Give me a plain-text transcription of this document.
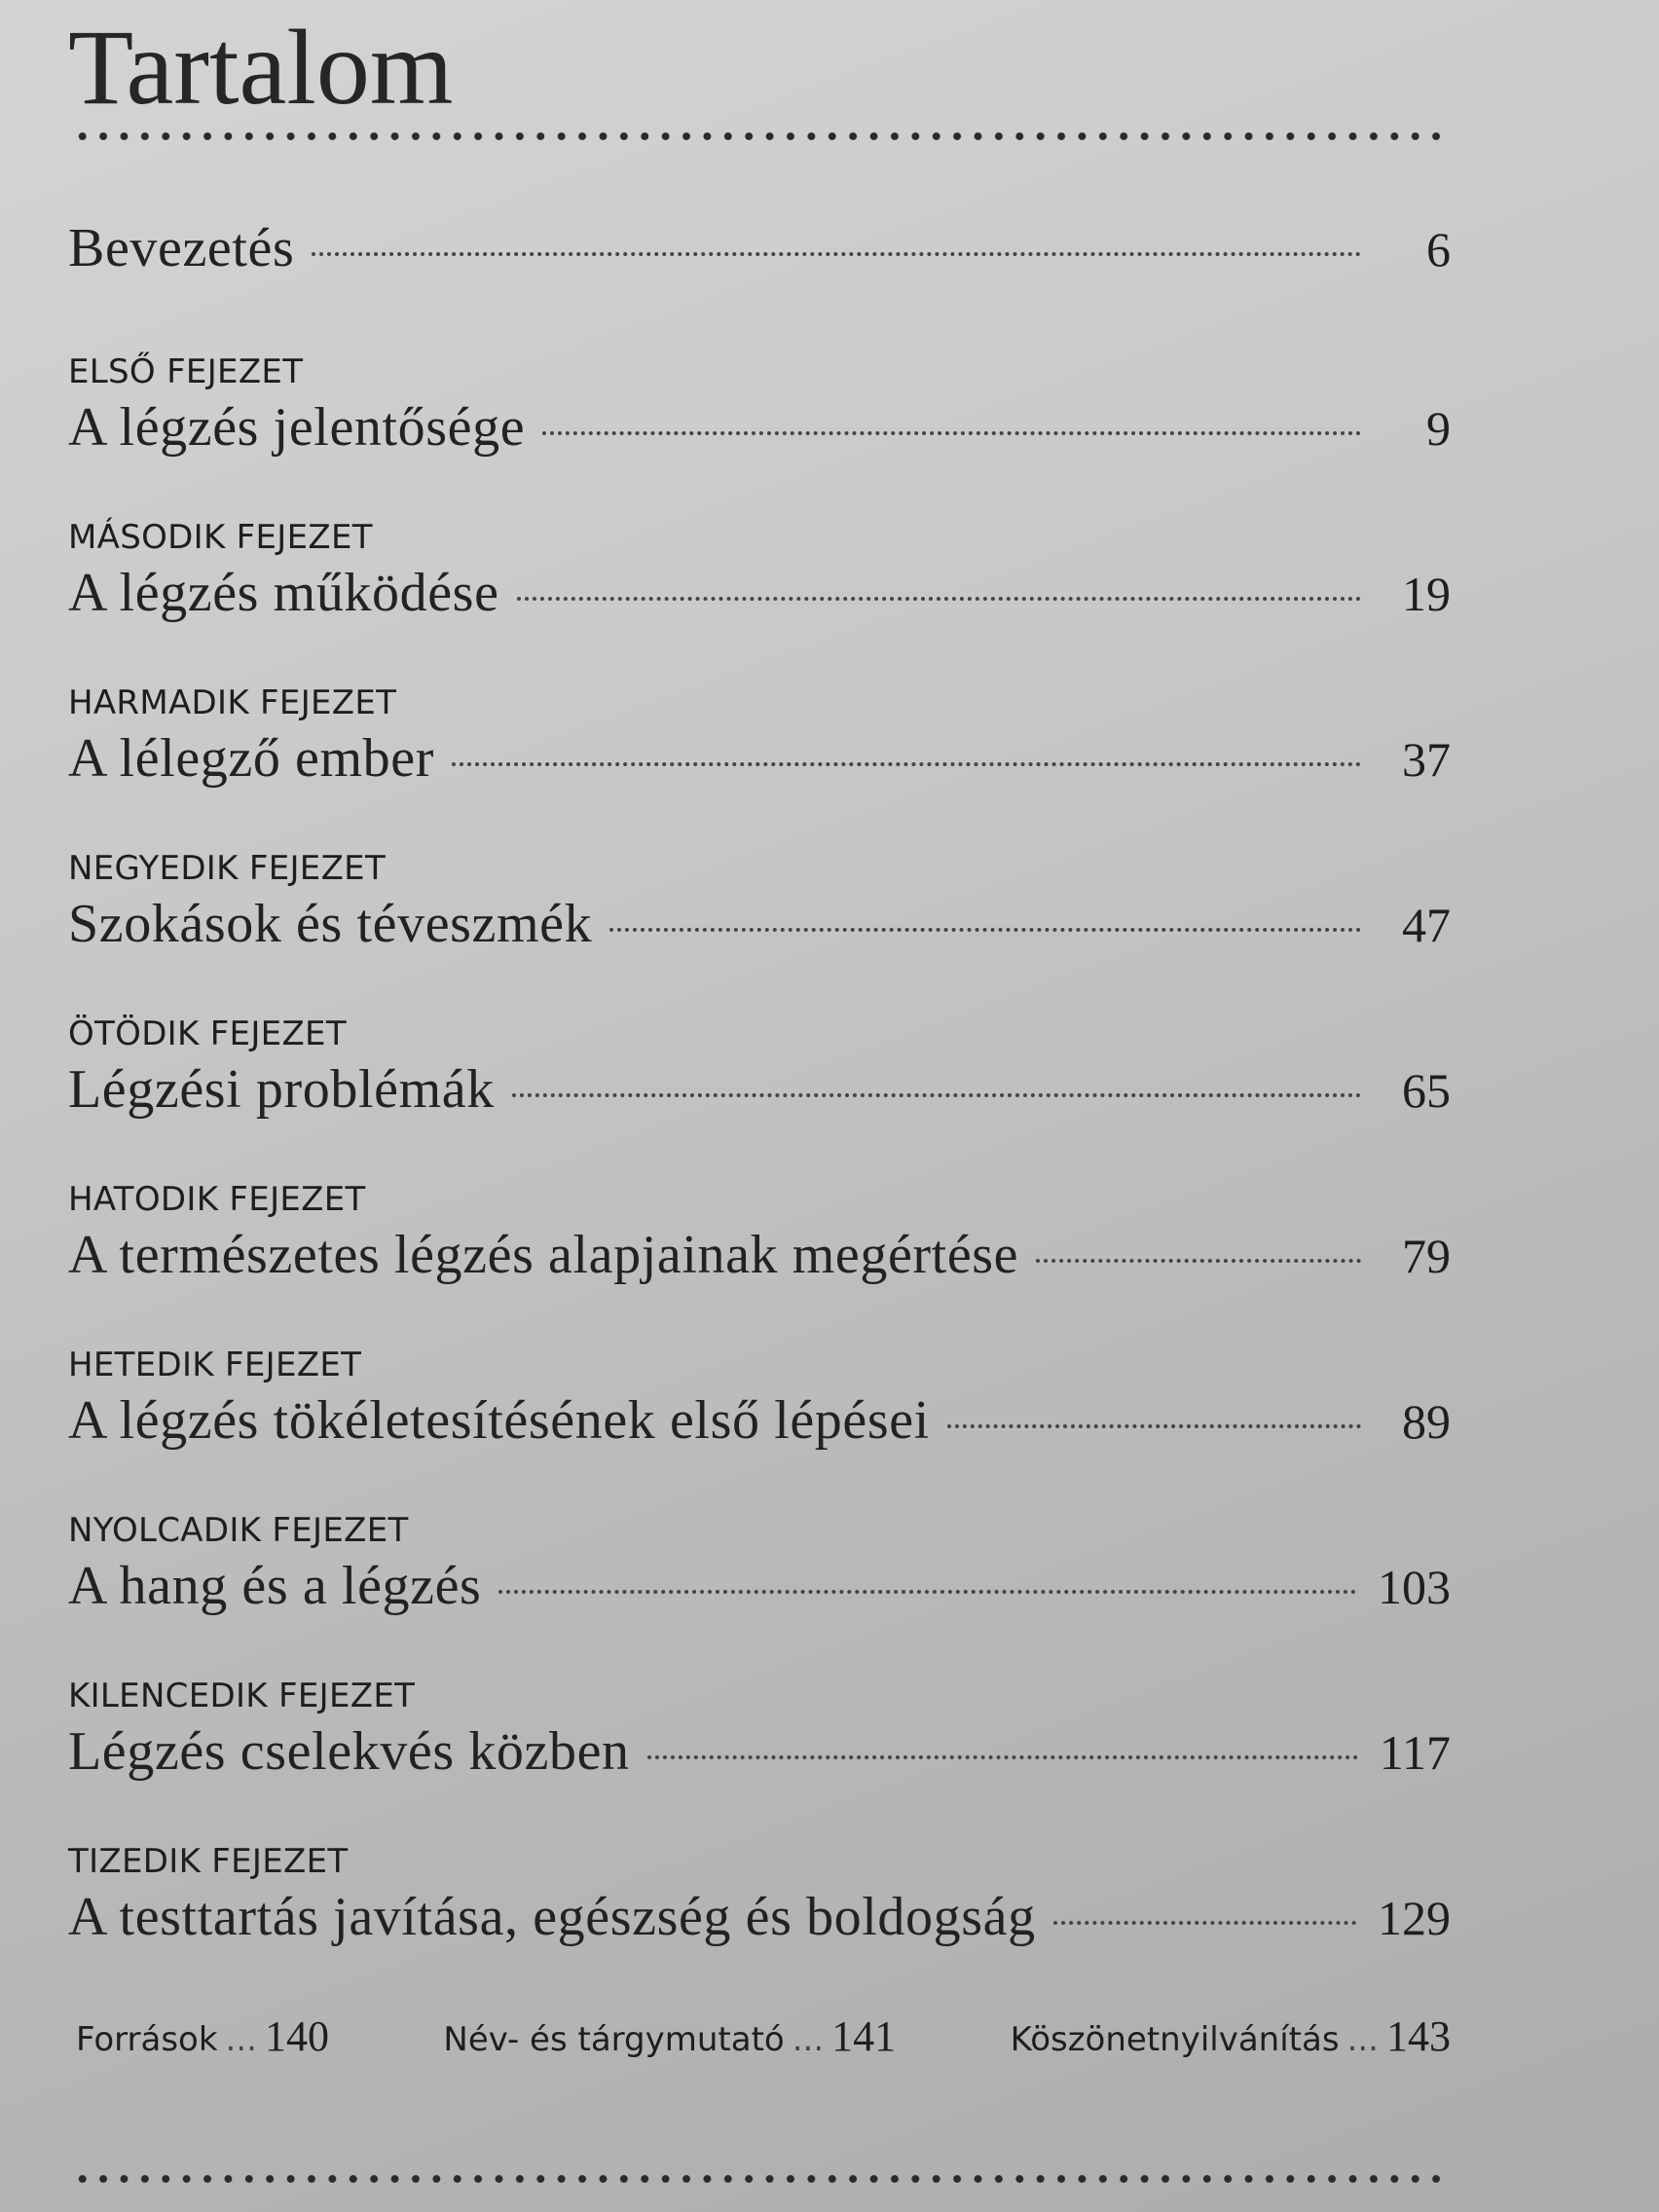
Tartalom
Bevezetés	6
ELSŐ FEJEZET
A légzés jelentősége	9
MÁSODIK FEJEZET
A légzés működése	19
HARMADIK FEJEZET
A lélegző ember	37
NEGYEDIK FEJEZET
Szokások és téveszmék	47
ÖTÖDIK FEJEZET
Légzési problémák	65
HATODIK FEJEZET
A természetes légzés alapjainak megértése	79
HETEDIK FEJEZET
A légzés tökéletesítésének első lépései	89
NYOLCADIK FEJEZET
A hang és a légzés	103
KILENCEDIK FEJEZET
Légzés cselekvés közben	117
TIZEDIK FEJEZET
A testtartás javítása, egészség és boldogság	129
Források ... 140	Név- és tárgymutató ... 141	Köszönetnyilvánítás ... 143
